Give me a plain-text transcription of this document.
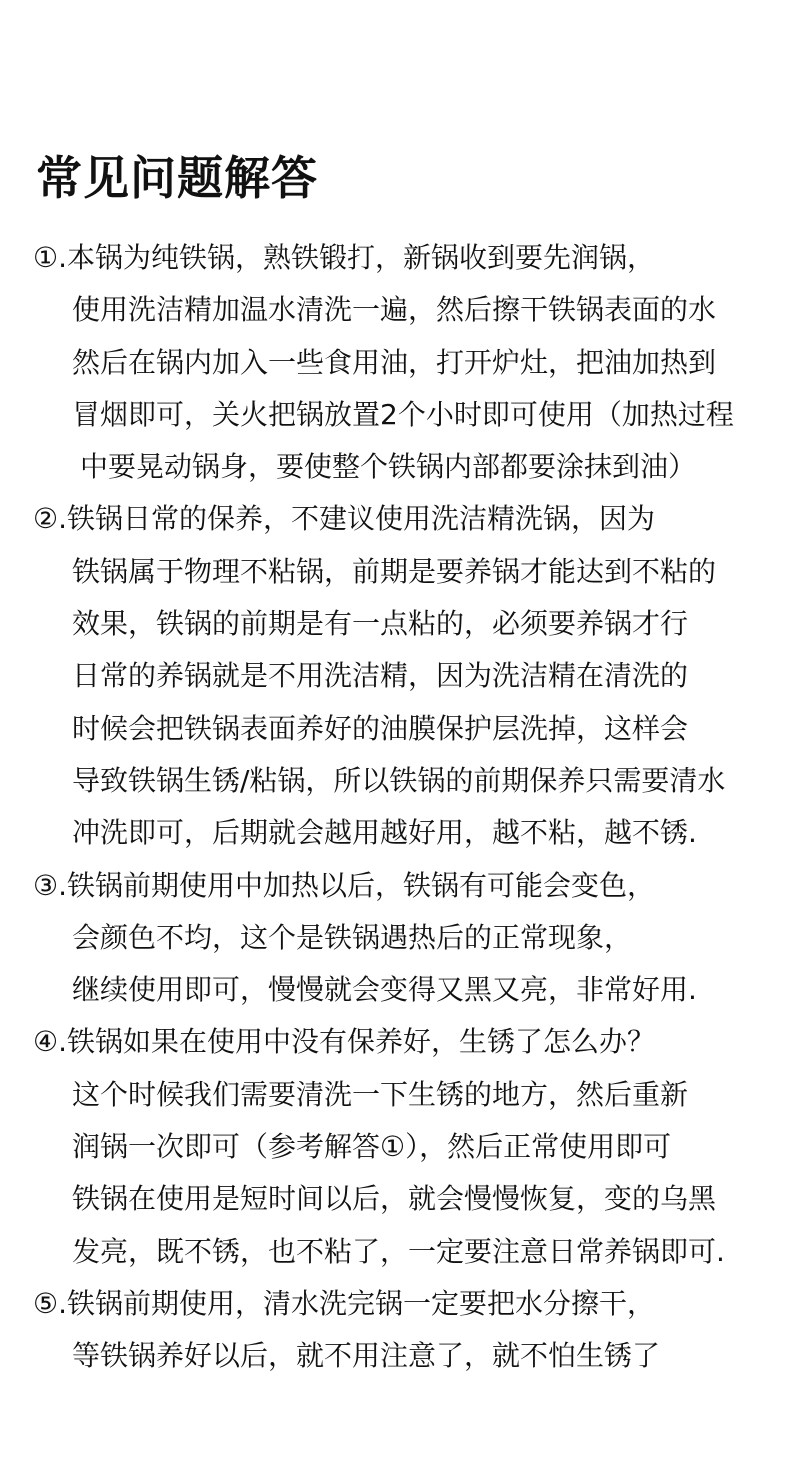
常见问题解答
①.本锅为纯铁锅，熟铁锻打，新锅收到要先润锅，
使用洗洁精加温水清洗一遍，然后擦干铁锅表面的水
然后在锅内加入一些食用油，打开炉灶，把油加热到
冒烟即可，关火把锅放置2个小时即可使用（加热过程
中要晃动锅身，要使整个铁锅内部都要涂抹到油）
②.铁锅日常的保养，不建议使用洗洁精洗锅，因为
铁锅属于物理不粘锅，前期是要养锅才能达到不粘的
效果，铁锅的前期是有一点粘的，必须要养锅才行
日常的养锅就是不用洗洁精，因为洗洁精在清洗的
时候会把铁锅表面养好的油膜保护层洗掉，这样会
导致铁锅生锈/粘锅，所以铁锅的前期保养只需要清水
冲洗即可，后期就会越用越好用，越不粘，越不锈.
③.铁锅前期使用中加热以后，铁锅有可能会变色，
会颜色不均，这个是铁锅遇热后的正常现象，
继续使用即可，慢慢就会变得又黑又亮，非常好用.
④.铁锅如果在使用中没有保养好，生锈了怎么办？
这个时候我们需要清洗一下生锈的地方，然后重新
润锅一次即可（参考解答①），然后正常使用即可
铁锅在使用是短时间以后，就会慢慢恢复，变的乌黑
发亮，既不锈，也不粘了，一定要注意日常养锅即可.
⑤.铁锅前期使用，清水洗完锅一定要把水分擦干，
等铁锅养好以后，就不用注意了，就不怕生锈了
